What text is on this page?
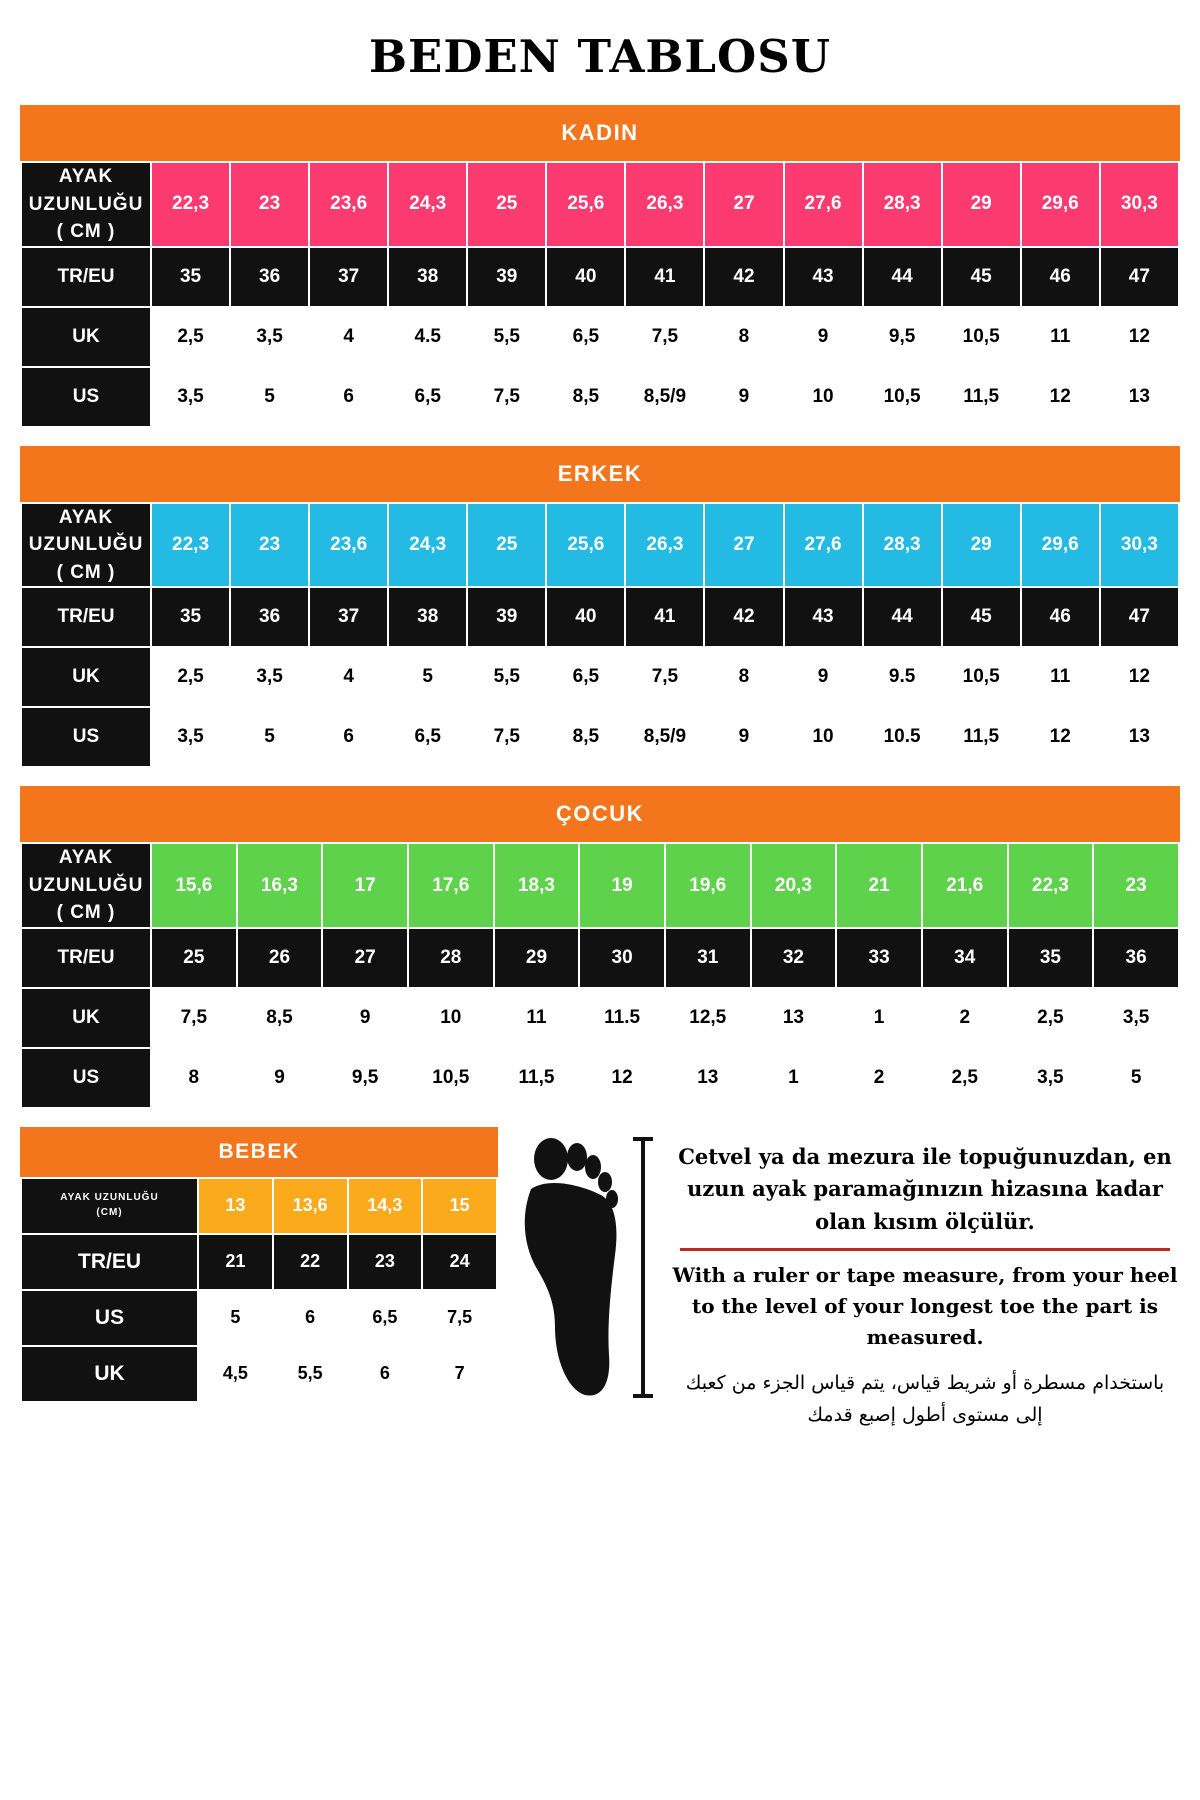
BEDEN TABLOSU
KADIN
AYAK
UZUNLUĞU
( CM )	22,3	23	23,6	24,3	25	25,6	26,3	27	27,6	28,3	29	29,6	30,3
TR/EU	35	36	37	38	39	40	41	42	43	44	45	46	47
UK	2,5	3,5	4	4.5	5,5	6,5	7,5	8	9	9,5	10,5	11	12
US	3,5	5	6	6,5	7,5	8,5	8,5/9	9	10	10,5	11,5	12	13
ERKEK
AYAK
UZUNLUĞU
( CM )	22,3	23	23,6	24,3	25	25,6	26,3	27	27,6	28,3	29	29,6	30,3
TR/EU	35	36	37	38	39	40	41	42	43	44	45	46	47
UK	2,5	3,5	4	5	5,5	6,5	7,5	8	9	9.5	10,5	11	12
US	3,5	5	6	6,5	7,5	8,5	8,5/9	9	10	10.5	11,5	12	13
ÇOCUK
AYAK
UZUNLUĞU
( CM )	15,6	16,3	17	17,6	18,3	19	19,6	20,3	21	21,6	22,3	23
TR/EU	25	26	27	28	29	30	31	32	33	34	35	36
UK	7,5	8,5	9	10	11	11.5	12,5	13	1	2	2,5	3,5
US	8	9	9,5	10,5	11,5	12	13	1	2	2,5	3,5	5
BEBEK
AYAK UZUNLUĞU
(CM)	13	13,6	14,3	15
TR/EU	21	22	23	24
US	5	6	6,5	7,5
UK	4,5	5,5	6	7
Cetvel ya da mezura ile topuğunuzdan, en uzun ayak paramağınızın hizasına kadar olan kısım ölçülür.
With a ruler or tape measure, from your heel to the level of your longest toe the part is measured.
باستخدام مسطرة أو شريط قياس، يتم قياس الجزء من كعبك إلى مستوى أطول إصبع قدمك
